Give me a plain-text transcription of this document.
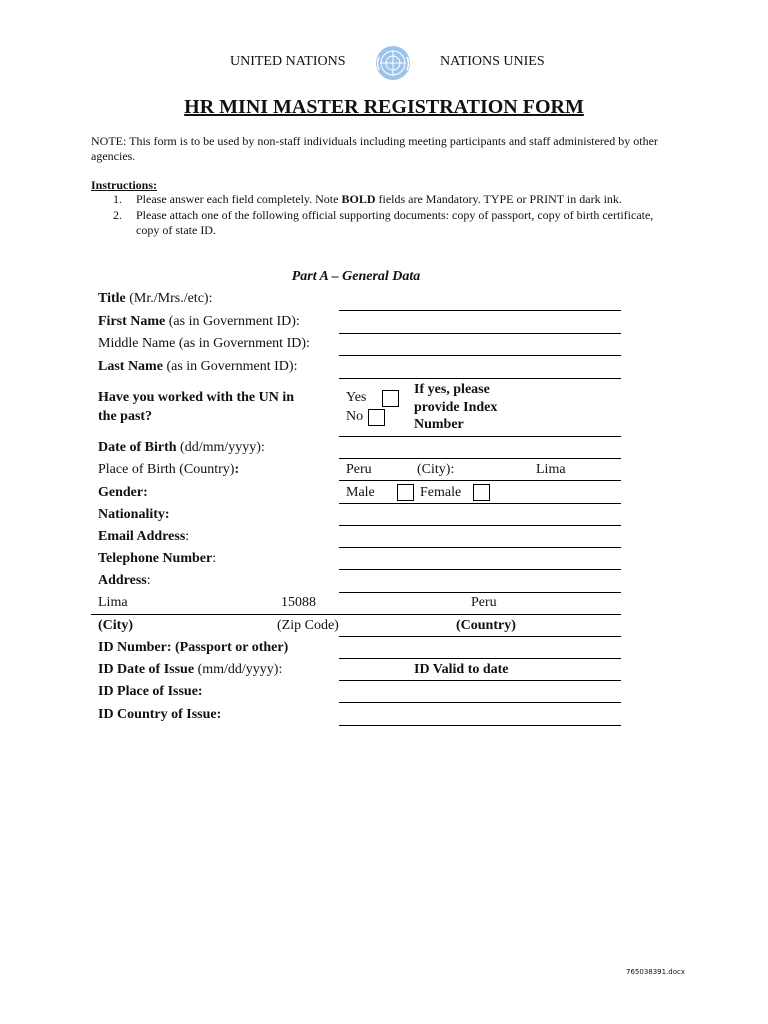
UNITED NATIONS	NATIONS UNIES
HR MINI MASTER REGISTRATION FORM
NOTE: This form is to be used by non-staff individuals including meeting participants and staff administered by other agencies.
Instructions:
1. Please answer each field completely. Note BOLD fields are Mandatory. TYPE or PRINT in dark ink.
2. Please attach one of the following official supporting documents: copy of passport, copy of birth certificate,
copy of state ID.
Part A – General Data
Title (Mr./Mrs./etc):
First Name (as in Government ID):
Middle Name (as in Government ID):
Last Name (as in Government ID):
Have you worked with the UN in
the past?
Yes
No
If yes, please
provide Index
Number
Date of Birth (dd/mm/yyyy):
Place of Birth (Country):	Peru	(City):	Lima
Gender:	Male	Female
Nationality:
Email Address:
Telephone Number:
Address:
Lima	15088	Peru
(City)	(Zip Code)	(Country)
ID Number: (Passport or other)
ID Date of Issue (mm/dd/yyyy):	ID Valid to date
ID Place of Issue:
ID Country of Issue:
765038391.docx
